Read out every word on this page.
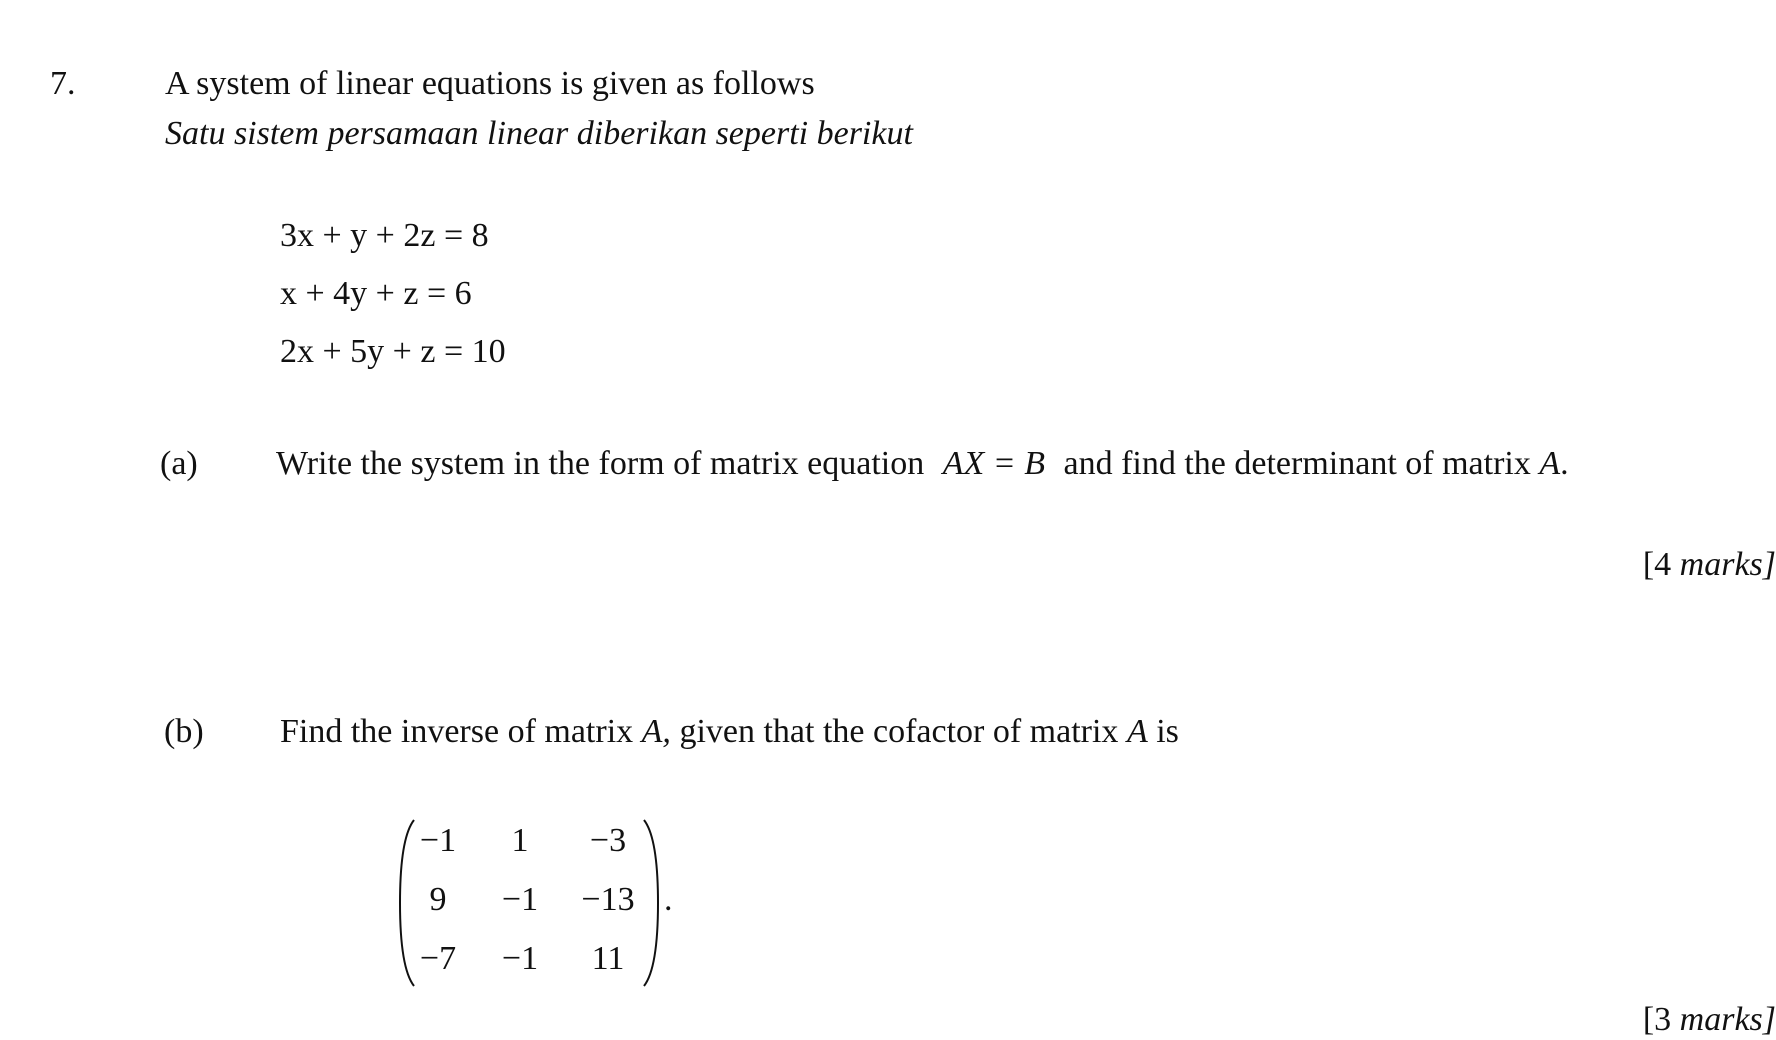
7.	A system of linear equations is given as follows
Satu sistem persamaan linear diberikan seperti berikut
3x + y + 2z = 8
x + 4y + z = 6
2x + 5y + z = 10
(a) Write the system in the form of matrix equation AX = B and find the determinant of matrix A.
[4 marks]
(b) Find the inverse of matrix A, given that the cofactor of matrix A is
−1	1	−3
9	−1	−13
−7	−1	11
.
[3 marks]
